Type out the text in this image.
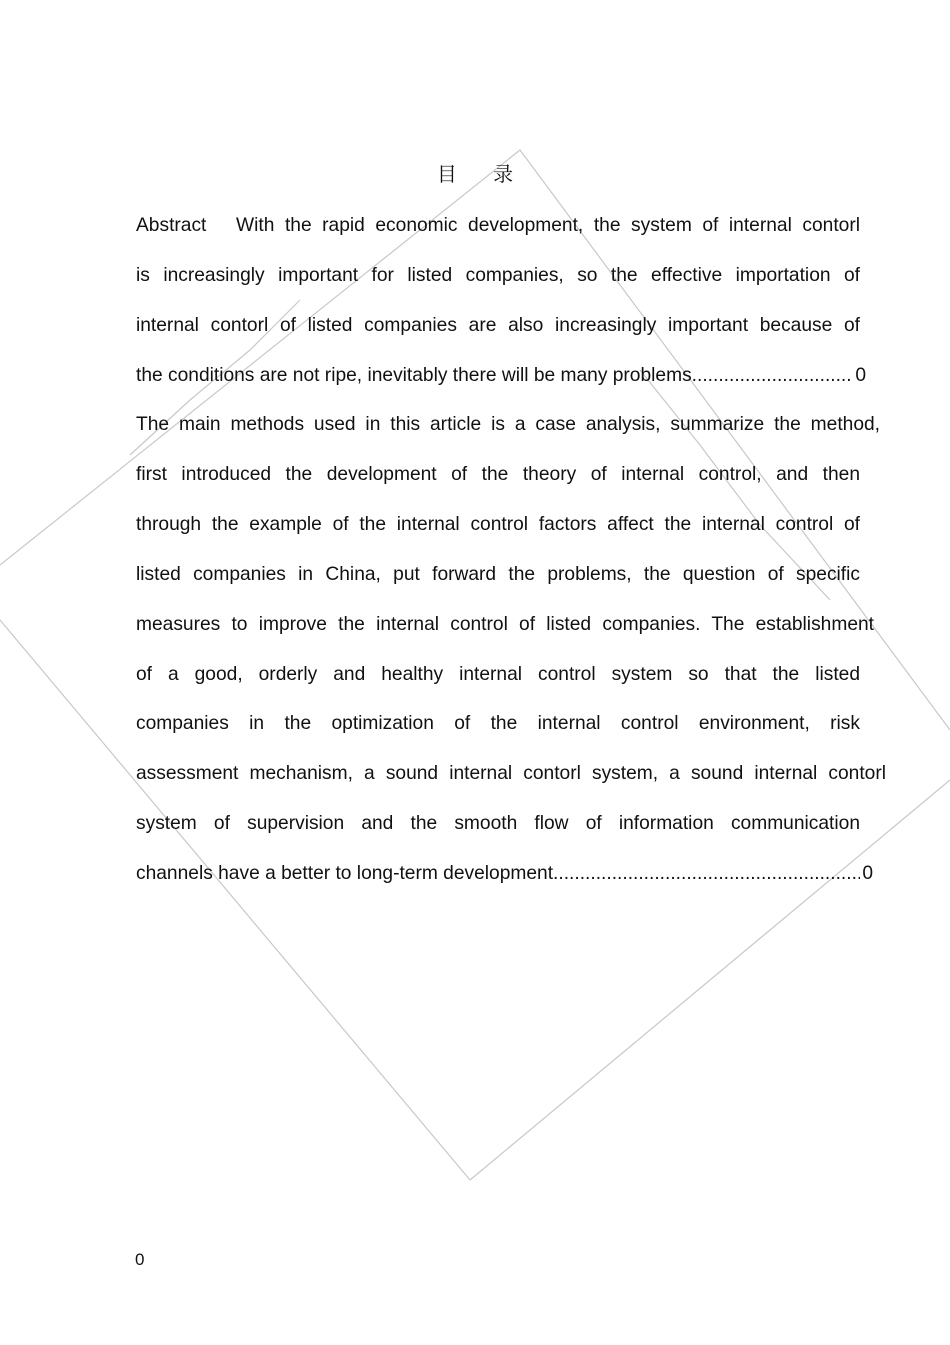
目 录
Abstract　With the rapid economic development, the system of internal contorl
is increasingly important for listed companies, so the effective importation of
internal contorl of listed companies are also increasingly important because of
the conditions are not ripe, inevitably there will be many problems. .....	0
The main methods used in this article is a case analysis, summarize the method,
first introduced the development of the theory of internal control, and then
through the example of the internal control factors affect the internal control of
listed companies in China, put forward the problems, the question of specific
measures to improve the internal control of listed companies. The establishment
of a good, orderly and healthy internal control system so that the listed
companies in the optimization of the internal control environment, risk
assessment mechanism, a sound internal contorl system, a sound internal contorl
system of supervision and the smooth flow of information communication
channels have a better to long-term development. .....	0
0
